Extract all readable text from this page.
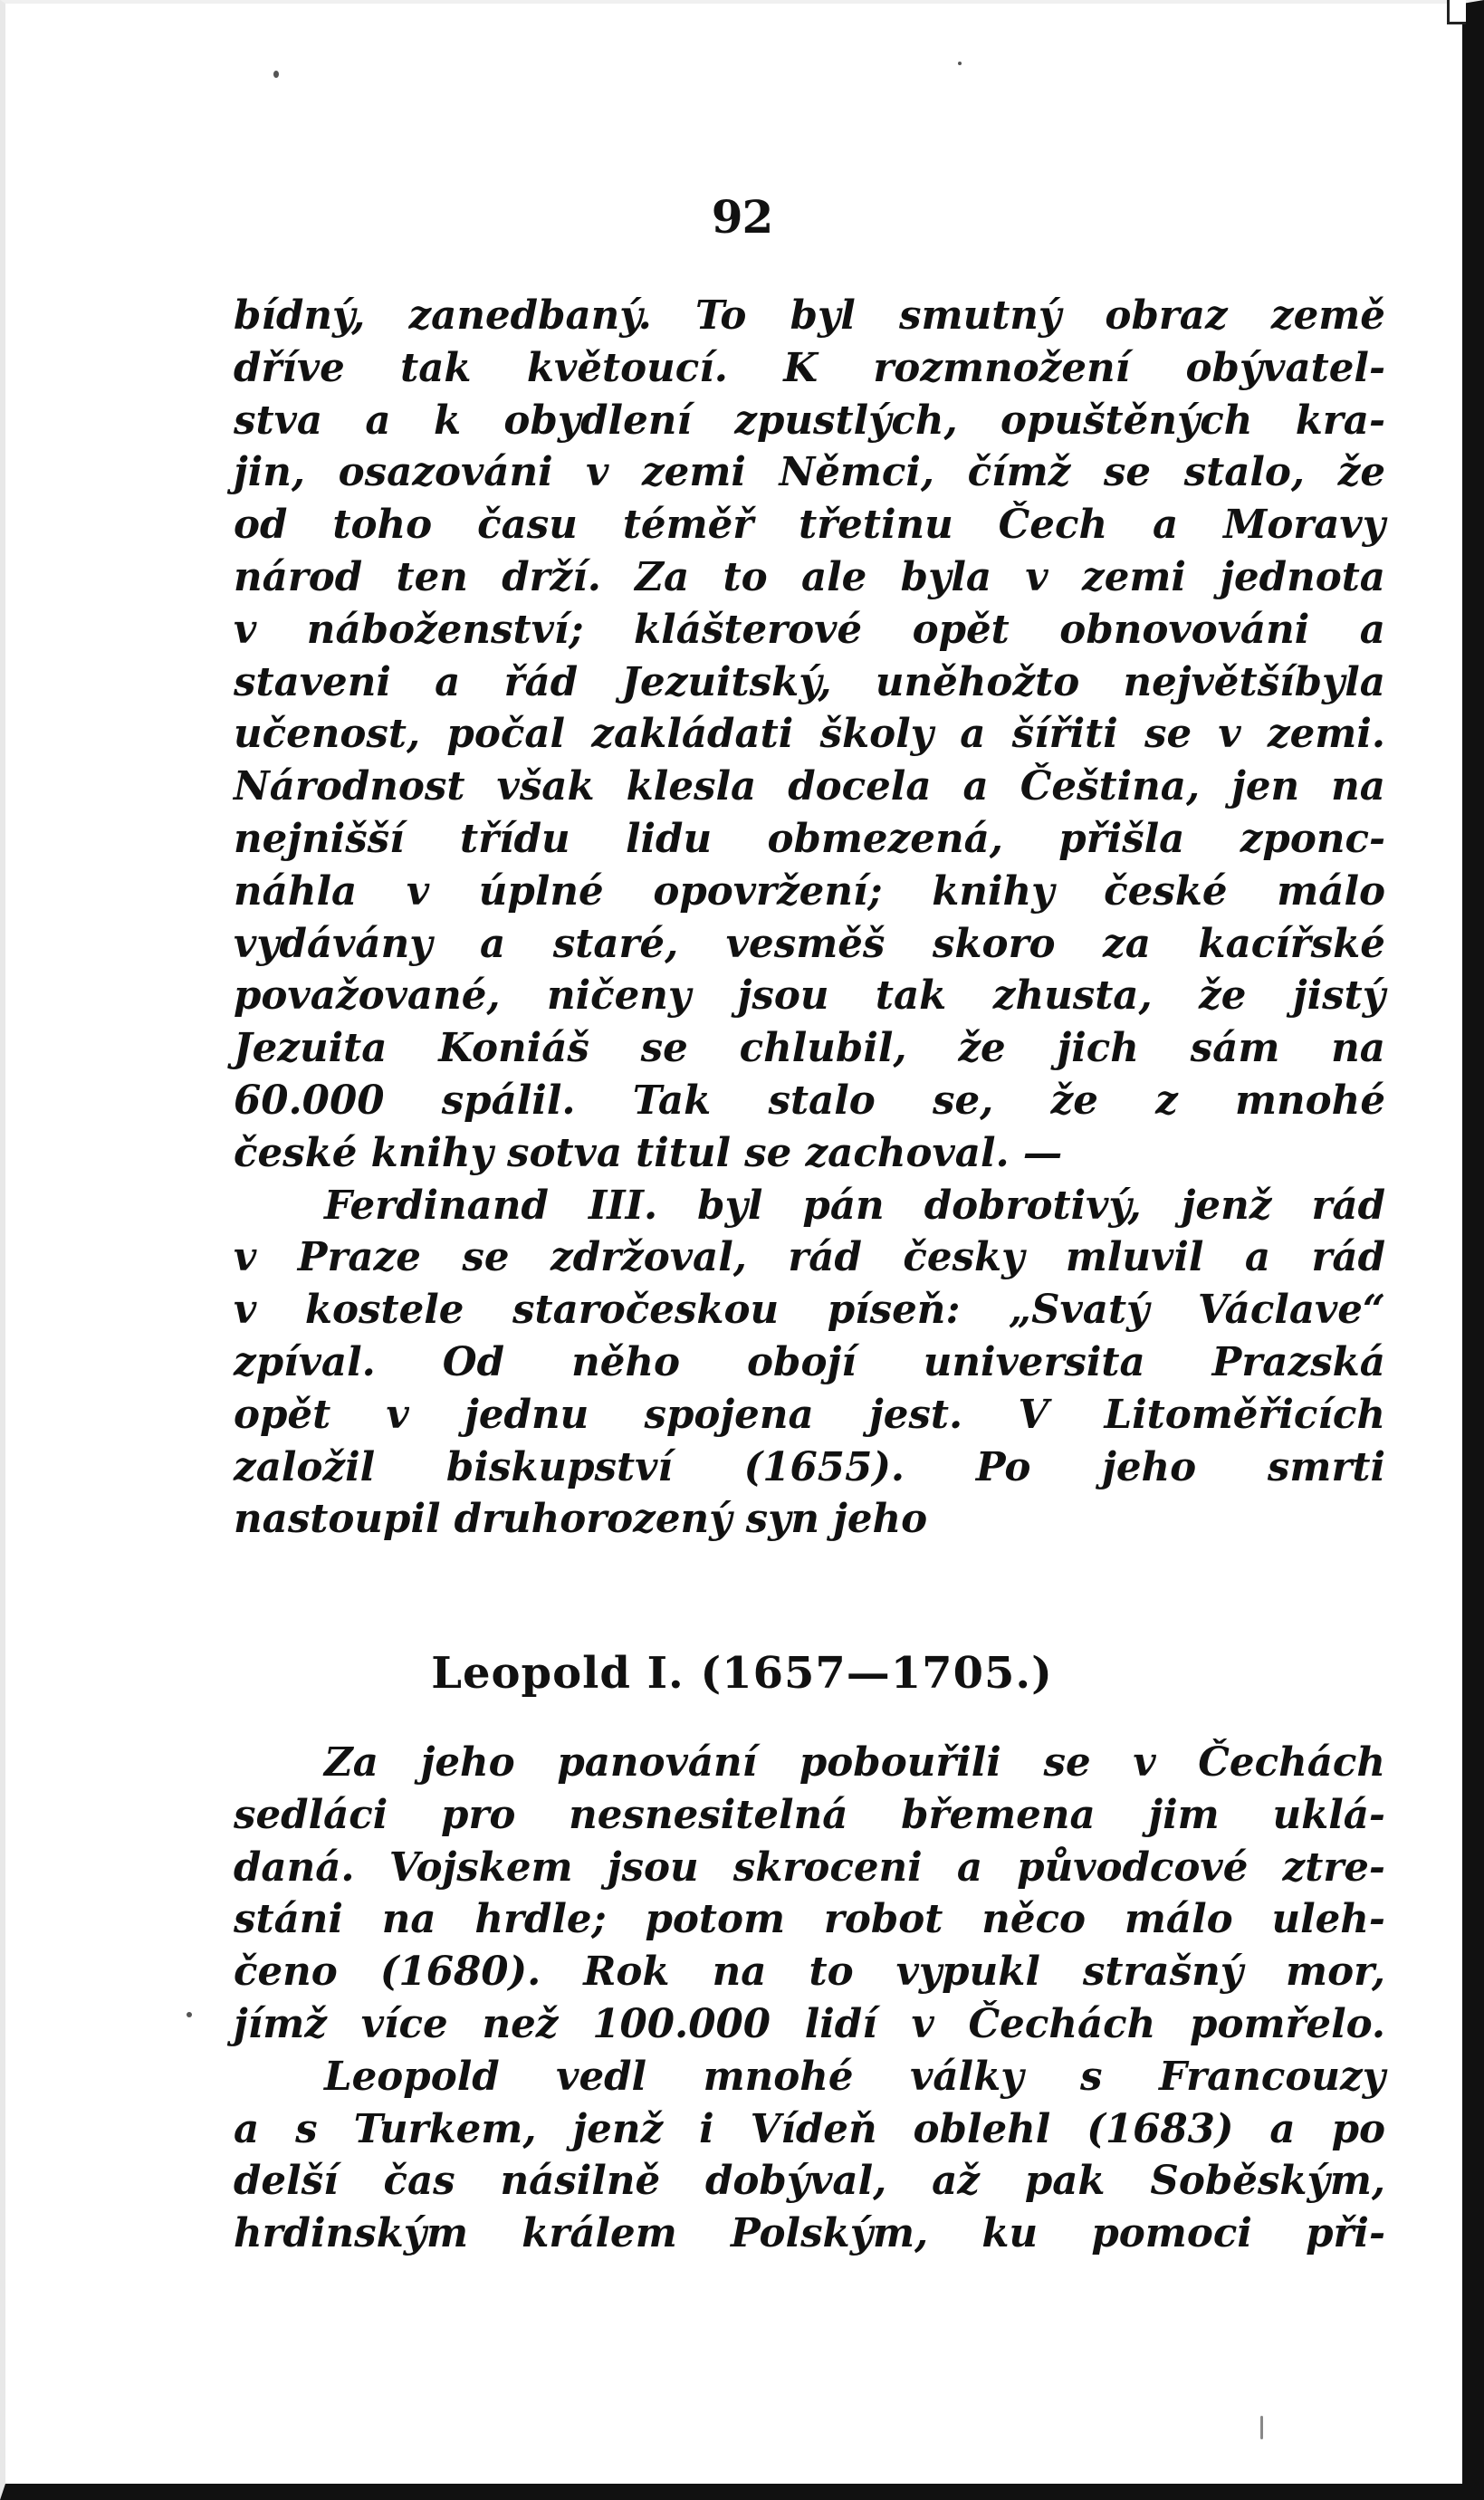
92
bídný, zanedbaný. To byl smutný obraz země
dříve tak květoucí. K rozmnožení obývatel-
stva a k obydlení zpustlých, opuštěných kra-
jin, osazováni v zemi Němci, čímž se stalo, že
od toho času téměř třetinu Čech a Moravy
národ ten drží. Za to ale byla v zemi jednota
v náboženství; klášterové opět obnovováni a
staveni a řád Jezuitský, uněhožto největšíbyla
učenost, počal zakládati školy a šířiti se v zemi.
Národnost však klesla docela a Čeština, jen na
nejnišší třídu lidu obmezená, přišla zponc-
náhla v úplné opovržení; knihy české málo
vydávány a staré, vesměš skoro za kacířské
považované, ničeny jsou tak zhusta, že jistý
Jezuita Koniáš se chlubil, že jich sám na
60.000 spálil. Tak stalo se, že z mnohé
české knihy sotva titul se zachoval. —
Ferdinand III. byl pán dobrotivý, jenž rád
v Praze se zdržoval, rád česky mluvil a rád
v kostele staročeskou píseň: „Svatý Václave“
zpíval. Od něho obojí universita Prazská
opět v jednu spojena jest. V Litoměřicích
založil biskupství (1655). Po jeho smrti
nastoupil druhorozený syn jeho
Leopold I. (1657—1705.)
Za jeho panování pobouřili se v Čechách
sedláci pro nesnesitelná břemena jim uklá-
daná. Vojskem jsou skroceni a původcové ztre-
stáni na hrdle; potom robot něco málo uleh-
čeno (1680). Rok na to vypukl strašný mor,
jímž více než 100.000 lidí v Čechách pomřelo.
Leopold vedl mnohé války s Francouzy
a s Turkem, jenž i Vídeň oblehl (1683) a po
delší čas násilně dobýval, až pak Soběským,
hrdinským králem Polským, ku pomoci při-
